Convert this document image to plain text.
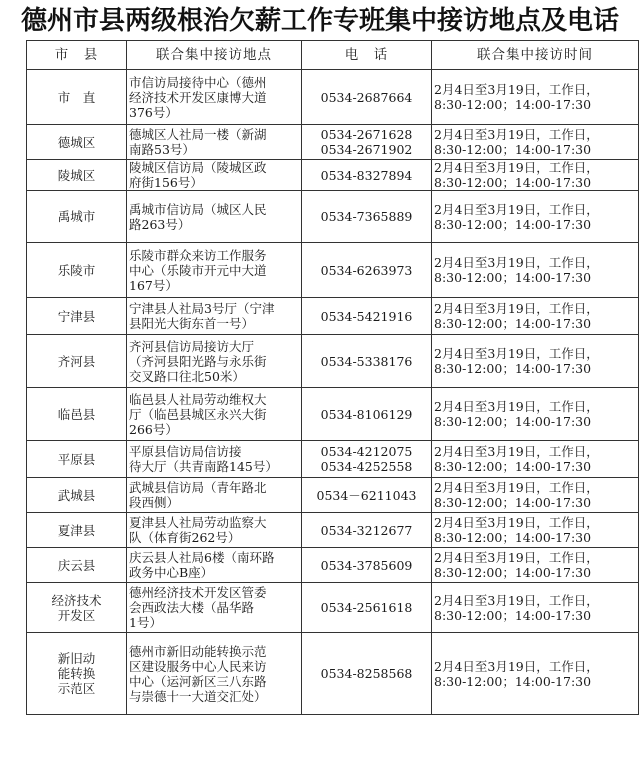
德州市县两级根治欠薪工作专班集中接访地点及电话
市　县	联合集中接访地点	电　话	联合集中接访时间

市　直	市信访局接待中心（德州
经济技术开发区康博大道
376号）	0534-2687664	2月4日至3月19日，工作日，
8:30-12:00；14:00-17:30

德城区	德城区人社局一楼（新湖
南路53号）	0534-2671628
0534-2671902	2月4日至3月19日，工作日，
8:30-12:00；14:00-17:30

陵城区	陵城区信访局（陵城区政
府街156号）	0534-8327894	2月4日至3月19日，工作日，
8:30-12:00；14:00-17:30

禹城市	禹城市信访局（城区人民
路263号）	0534-7365889	2月4日至3月19日，工作日，
8:30-12:00；14:00-17:30

乐陵市	乐陵市群众来访工作服务
中心（乐陵市开元中大道
167号）	0534-6263973	2月4日至3月19日，工作日，
8:30-12:00；14:00-17:30

宁津县	宁津县人社局3号厅（宁津
县阳光大街东首一号）	0534-5421916	2月4日至3月19日，工作日，
8:30-12:00；14:00-17:30

齐河县	齐河县信访局接访大厅
（齐河县阳光路与永乐街
交叉路口往北50米）	0534-5338176	2月4日至3月19日，工作日，
8:30-12:00；14:00-17:30

临邑县	临邑县人社局劳动维权大
厅（临邑县城区永兴大街
266号）	0534-8106129	2月4日至3月19日，工作日，
8:30-12:00；14:00-17:30

平原县	平原县信访局信访接
待大厅（共青南路145号）	0534-4212075
0534-4252558	2月4日至3月19日，工作日，
8:30-12:00；14:00-17:30

武城县	武城县信访局（青年路北
段西侧）	0534－6211043	2月4日至3月19日，工作日，
8:30-12:00；14:00-17:30

夏津县	夏津县人社局劳动监察大
队（体育街262号）	0534-3212677	2月4日至3月19日，工作日，
8:30-12:00；14:00-17:30

庆云县	庆云县人社局6楼（南环路
政务中心B座）	0534-3785609	2月4日至3月19日，工作日，
8:30-12:00；14:00-17:30

经济技术
开发区	德州经济技术开发区管委
会西政法大楼（晶华路
1号）	0534-2561618	2月4日至3月19日，工作日，
8:30-12:00；14:00-17:30

新旧动
能转换
示范区	德州市新旧动能转换示范
区建设服务中心人民来访
中心（运河新区三八东路
与崇德十一大道交汇处）	0534-8258568	2月4日至3月19日，工作日，
8:30-12:00；14:00-17:30
